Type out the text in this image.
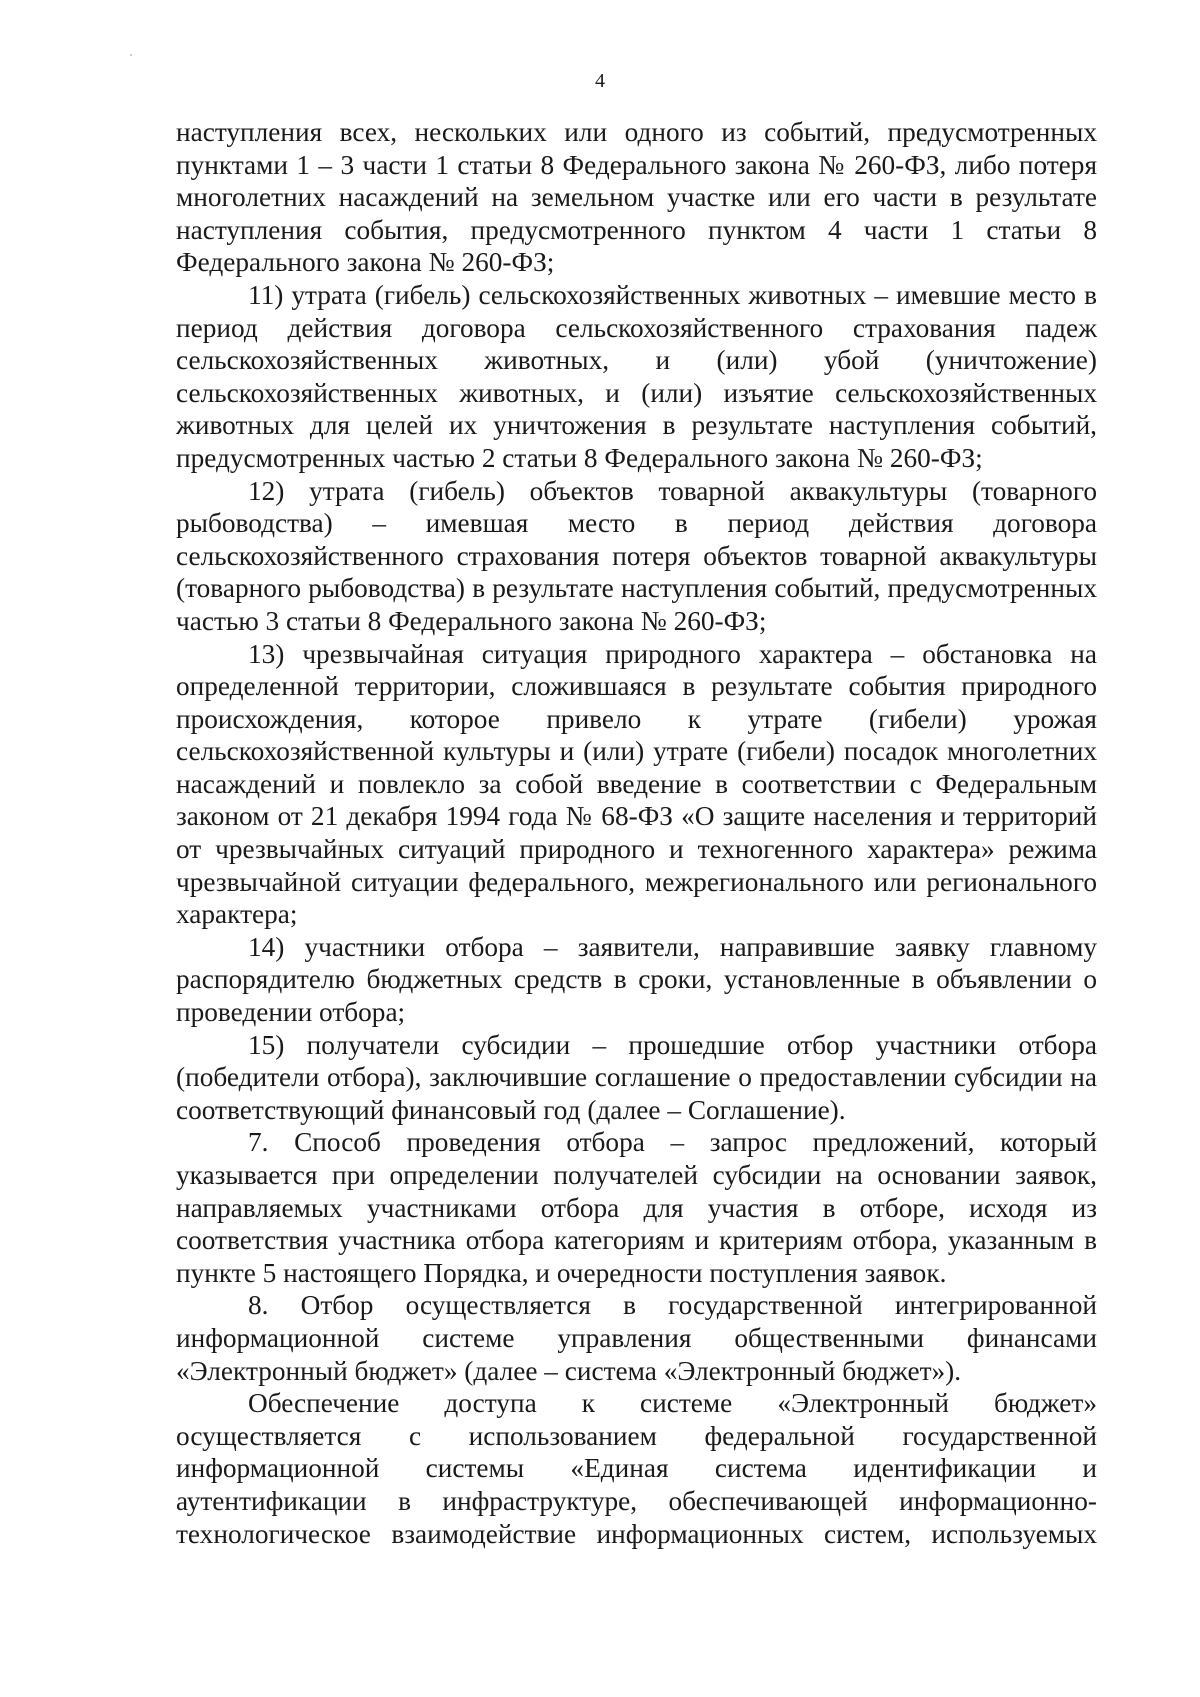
4

наступления всех, нескольких или одного из событий, предусмотренных пунктами 1 – 3 части 1 статьи 8 Федерального закона № 260-ФЗ, либо потеря многолетних насаждений на земельном участке или его части в результате наступления события, предусмотренного пунктом 4 части 1 статьи 8 Федерального закона № 260-ФЗ;

11) утрата (гибель) сельскохозяйственных животных – имевшие место в период действия договора сельскохозяйственного страхования падеж сельскохозяйственных животных, и (или) убой (уничтожение) сельскохозяйственных животных, и (или) изъятие сельскохозяйственных животных для целей их уничтожения в результате наступления событий, предусмотренных частью 2 статьи 8 Федерального закона № 260-ФЗ;

12) утрата (гибель) объектов товарной аквакультуры (товарного рыбоводства) – имевшая место в период действия договора сельскохозяйственного страхования потеря объектов товарной аквакультуры (товарного рыбоводства) в результате наступления событий, предусмотренных частью 3 статьи 8 Федерального закона № 260-ФЗ;

13) чрезвычайная ситуация природного характера – обстановка на определенной территории, сложившаяся в результате события природного происхождения, которое привело к утрате (гибели) урожая сельскохозяйственной культуры и (или) утрате (гибели) посадок многолетних насаждений и повлекло за собой введение в соответствии с Федеральным законом от 21 декабря 1994 года № 68-ФЗ «О защите населения и территорий от чрезвычайных ситуаций природного и техногенного характера» режима чрезвычайной ситуации федерального, межрегионального или регионального характера;

14) участники отбора – заявители, направившие заявку главному распорядителю бюджетных средств в сроки, установленные в объявлении о проведении отбора;

15) получатели субсидии – прошедшие отбор участники отбора (победители отбора), заключившие соглашение о предоставлении субсидии на соответствующий финансовый год (далее – Соглашение).

7. Способ проведения отбора – запрос предложений, который указывается при определении получателей субсидии на основании заявок, направляемых участниками отбора для участия в отборе, исходя из соответствия участника отбора категориям и критериям отбора, указанным в пункте 5 настоящего Порядка, и очередности поступления заявок.

8. Отбор осуществляется в государственной интегрированной информационной системе управления общественными финансами «Электронный бюджет» (далее – система «Электронный бюджет»).

Обеспечение доступа к системе «Электронный бюджет» осуществляется с использованием федеральной государственной информационной системы «Единая система идентификации и аутентификации в инфраструктуре, обеспечивающей информационно-технологическое взаимодействие информационных систем, используемых
